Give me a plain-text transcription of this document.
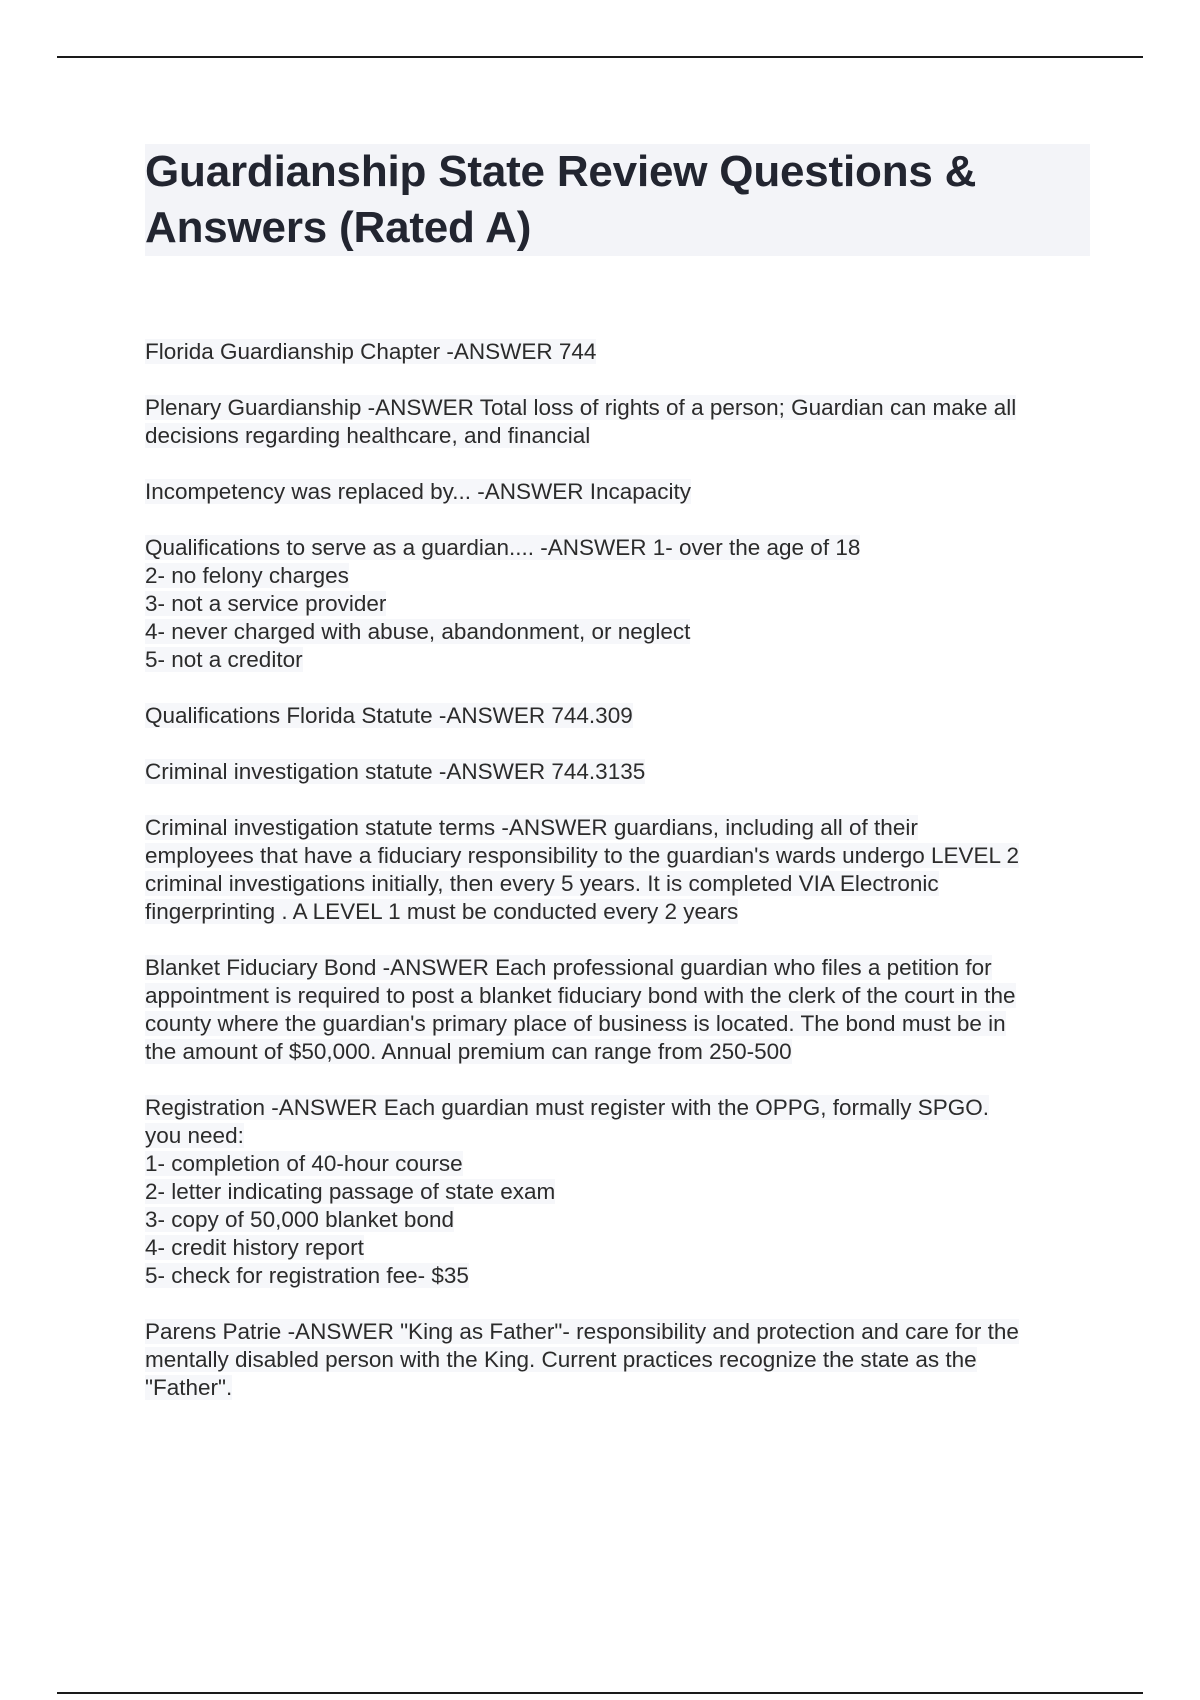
Guardianship State Review Questions & Answers (Rated A)
Florida Guardianship Chapter -ANSWER 744
Plenary Guardianship -ANSWER Total loss of rights of a person; Guardian can make all
decisions regarding healthcare, and financial
Incompetency was replaced by... -ANSWER Incapacity
Qualifications to serve as a guardian.... -ANSWER 1- over the age of 18
2- no felony charges
3- not a service provider
4- never charged with abuse, abandonment, or neglect
5- not a creditor
Qualifications Florida Statute -ANSWER 744.309
Criminal investigation statute -ANSWER 744.3135
Criminal investigation statute terms -ANSWER guardians, including all of their
employees that have a fiduciary responsibility to the guardian's wards undergo LEVEL 2
criminal investigations initially, then every 5 years. It is completed VIA Electronic
fingerprinting . A LEVEL 1 must be conducted every 2 years
Blanket Fiduciary Bond -ANSWER Each professional guardian who files a petition for
appointment is required to post a blanket fiduciary bond with the clerk of the court in the
county where the guardian's primary place of business is located. The bond must be in
the amount of $50,000. Annual premium can range from 250-500
Registration -ANSWER Each guardian must register with the OPPG, formally SPGO.
you need:
1- completion of 40-hour course
2- letter indicating passage of state exam
3- copy of 50,000 blanket bond
4- credit history report
5- check for registration fee- $35
Parens Patrie -ANSWER "King as Father"- responsibility and protection and care for the
mentally disabled person with the King. Current practices recognize the state as the
"Father".
